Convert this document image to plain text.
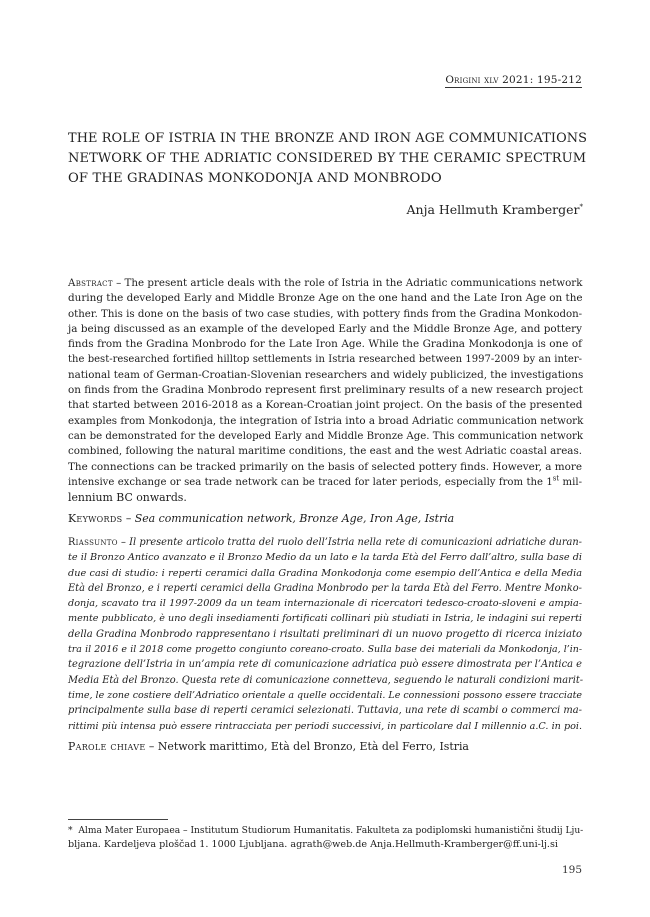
Origini xlv 2021: 195-212
THE ROLE OF ISTRIA IN THE BRONZE AND IRON AGE COMMUNICATIONS
NETWORK OF THE ADRIATIC CONSIDERED BY THE CERAMIC SPECTRUM
OF THE GRADINAS MONKODONJA AND MONBRODO
Anja Hellmuth Kramberger*
Abstract – The present article deals with the role of Istria in the Adriatic communications network
during the developed Early and Middle Bronze Age on the one hand and the Late Iron Age on the
other. This is done on the basis of two case studies, with pottery finds from the Gradina Monkodon-
ja being discussed as an example of the developed Early and the Middle Bronze Age, and pottery
finds from the Gradina Monbrodo for the Late Iron Age. While the Gradina Monkodonja is one of
the best-researched fortified hilltop settlements in Istria researched between 1997-2009 by an inter-
national team of German-Croatian-Slovenian researchers and widely publicized, the investigations
on finds from the Gradina Monbrodo represent first preliminary results of a new research project
that started between 2016-2018 as a Korean-Croatian joint project. On the basis of the presented
examples from Monkodonja, the integration of Istria into a broad Adriatic communication network
can be demonstrated for the developed Early and Middle Bronze Age. This communication network
combined, following the natural maritime conditions, the east and the west Adriatic coastal areas.
The connections can be tracked primarily on the basis of selected pottery finds. However, a more
intensive exchange or sea trade network can be traced for later periods, especially from the 1st mil-
lennium BC onwards.
Keywords – Sea communication network, Bronze Age, Iron Age, Istria
Riassunto – Il presente articolo tratta del ruolo dell’Istria nella rete di comunicazioni adriatiche duran-
te il Bronzo Antico avanzato e il Bronzo Medio da un lato e la tarda Età del Ferro dall’altro, sulla base di
due casi di studio: i reperti ceramici dalla Gradina Monkodonja come esempio dell’Antica e della Media
Età del Bronzo, e i reperti ceramici della Gradina Monbrodo per la tarda Età del Ferro. Mentre Monko-
donja, scavato tra il 1997-2009 da un team internazionale di ricercatori tedesco-croato-sloveni e ampia-
mente pubblicato, è uno degli insediamenti fortificati collinari più studiati in Istria, le indagini sui reperti
della Gradina Monbrodo rappresentano i risultati preliminari di un nuovo progetto di ricerca iniziato
tra il 2016 e il 2018 come progetto congiunto coreano-croato. Sulla base dei materiali da Monkodonja, l’in-
tegrazione dell’Istria in un’ampia rete di comunicazione adriatica può essere dimostrata per l’Antica e
Media Età del Bronzo. Questa rete di comunicazione connetteva, seguendo le naturali condizioni marit-
time, le zone costiere dell’Adriatico orientale a quelle occidentali. Le connessioni possono essere tracciate
principalmente sulla base di reperti ceramici selezionati. Tuttavia, una rete di scambi o commerci ma-
rittimi più intensa può essere rintracciata per periodi successivi, in particolare dal I millennio a.C. in poi.
Parole chiave – Network marittimo, Età del Bronzo, Età del Ferro, Istria
* Alma Mater Europaea – Institutum Studiorum Humanitatis. Fakulteta za podiplomski humanistični študij Lju-
bljana. Kardeljeva ploščad 1. 1000 Ljubljana. agrath@web.de Anja.Hellmuth-Kramberger@ff.uni-lj.si
195
